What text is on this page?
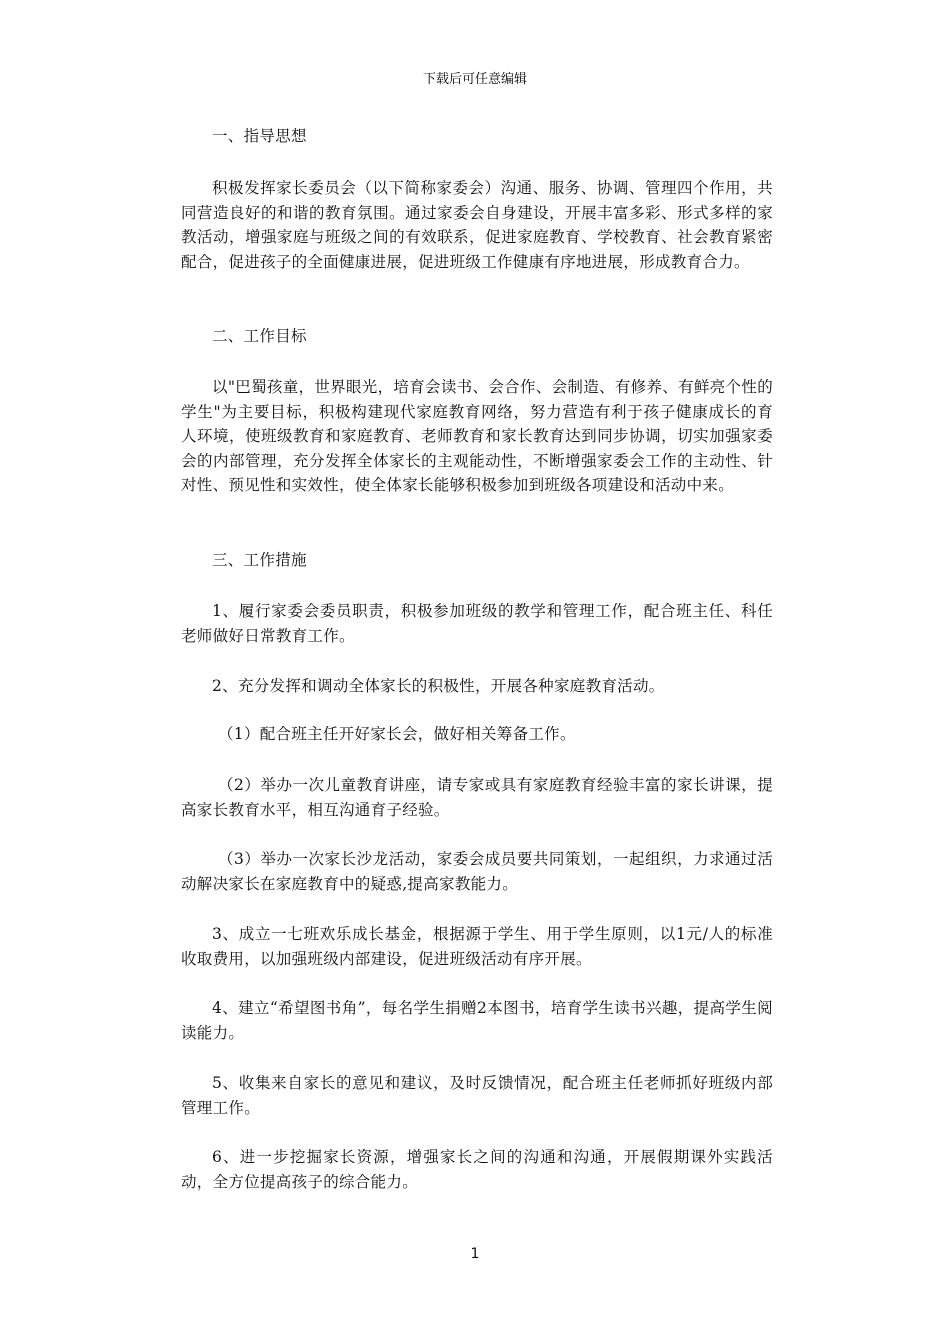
下载后可任意编辑

一、指导思想

积极发挥家长委员会（以下简称家委会）沟通、服务、协调、管理四个作用，共同营造良好的和谐的教育氛围。通过家委会自身建设，开展丰富多彩、形式多样的家教活动，增强家庭与班级之间的有效联系，促进家庭教育、学校教育、社会教育紧密配合，促进孩子的全面健康进展，促进班级工作健康有序地进展，形成教育合力。

二、工作目标

以"巴蜀孩童，世界眼光，培育会读书、会合作、会制造、有修养、有鲜亮个性的学生"为主要目标，积极构建现代家庭教育网络，努力营造有利于孩子健康成长的育人环境，使班级教育和家庭教育、老师教育和家长教育达到同步协调，切实加强家委会的内部管理，充分发挥全体家长的主观能动性，不断增强家委会工作的主动性、针对性、预见性和实效性，使全体家长能够积极参加到班级各项建设和活动中来。

三、工作措施

1、履行家委会委员职责，积极参加班级的教学和管理工作，配合班主任、科任老师做好日常教育工作。

2、充分发挥和调动全体家长的积极性，开展各种家庭教育活动。

（1）配合班主任开好家长会，做好相关筹备工作。

（2）举办一次儿童教育讲座，请专家或具有家庭教育经验丰富的家长讲课，提高家长教育水平，相互沟通育子经验。

（3）举办一次家长沙龙活动，家委会成员要共同策划，一起组织，力求通过活动解决家长在家庭教育中的疑惑,提高家教能力。

3、成立一七班欢乐成长基金，根据源于学生、用于学生原则，以1元/人的标准收取费用，以加强班级内部建设，促进班级活动有序开展。

4、建立“希望图书角”，每名学生捐赠2本图书，培育学生读书兴趣，提高学生阅读能力。

5、收集来自家长的意见和建议，及时反馈情况，配合班主任老师抓好班级内部管理工作。

6、进一步挖掘家长资源，增强家长之间的沟通和沟通，开展假期课外实践活动，全方位提高孩子的综合能力。

1
